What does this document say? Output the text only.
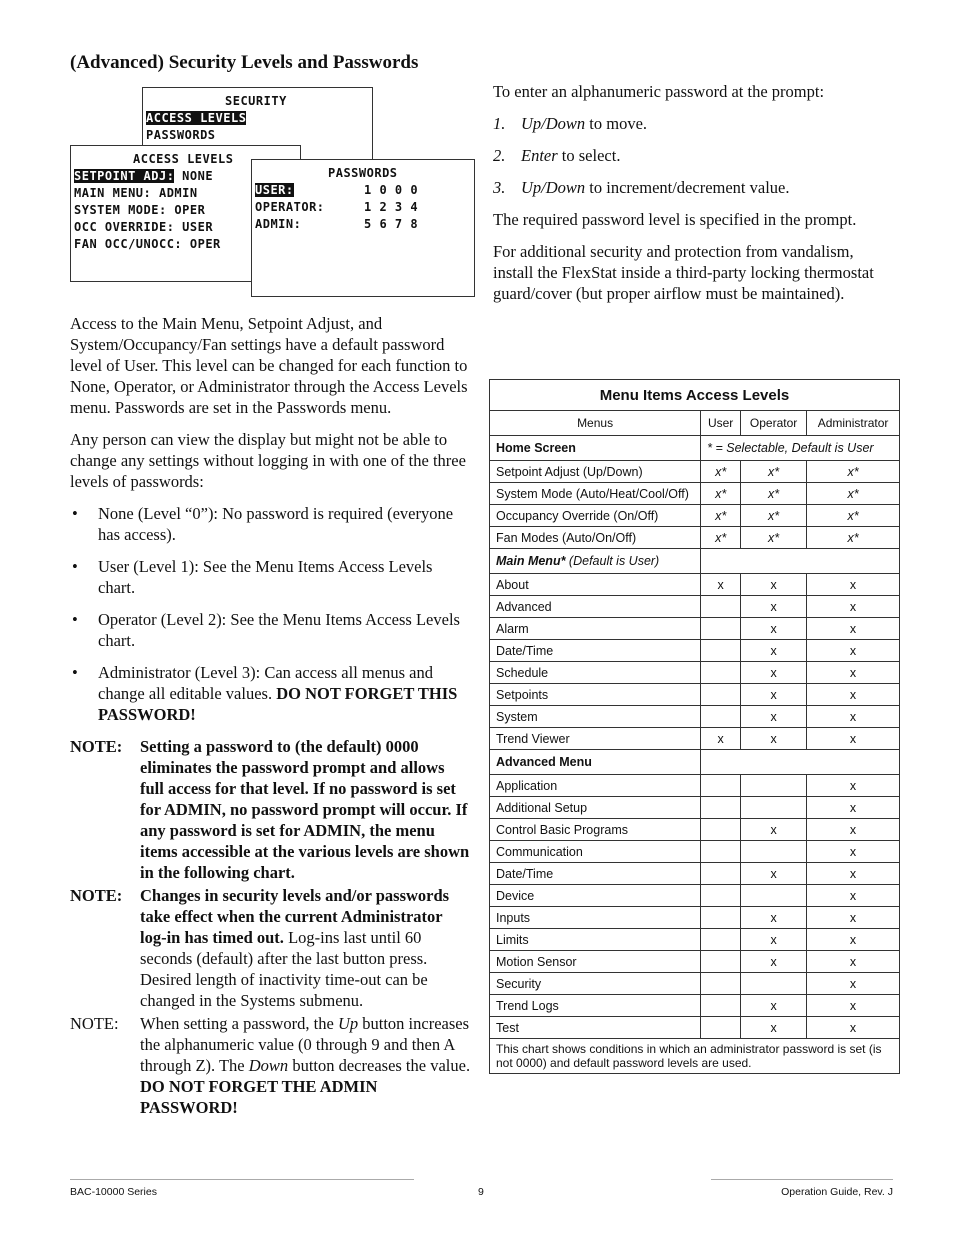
(Advanced) Security Levels and Passwords
SECURITY
ACCESS LEVELS
PASSWORDS
ACCESS LEVELS
SETPOINT ADJ: NONE
MAIN MENU: ADMIN
SYSTEM MODE: OPER
OCC OVERRIDE: USER
FAN OCC/UNOCC: OPER
PASSWORDS
USER:	1 0 0 0
OPERATOR:	1 2 3 4
ADMIN:	5 6 7 8

Access to the Main Menu, Setpoint Adjust, and System/Occupancy/Fan settings have a default password level of User. This level can be changed for each function to None, Operator, or Administrator through the Access Levels menu. Passwords are set in the Passwords menu.

Any person can view the display but might not be able to change any settings without logging in with one of the three levels of passwords:

• None (Level “0”): No password is required (everyone has access).
• User (Level 1): See the Menu Items Access Levels chart.
• Operator (Level 2): See the Menu Items Access Levels chart.
• Administrator (Level 3): Can access all menus and change all editable values. DO NOT FORGET THIS PASSWORD!
NOTE: Setting a password to (the default) 0000 eliminates the password prompt and allows full access for that level. If no password is set for ADMIN, no password prompt will occur. If any password is set for ADMIN, the menu items accessible at the various levels are shown in the following chart.
NOTE: Changes in security levels and/or passwords take effect when the current Administrator log-in has timed out. Log-ins last until 60 seconds (default) after the last button press. Desired length of inactivity time-out can be changed in the Systems submenu.
NOTE: When setting a password, the Up button increases the alphanumeric value (0 through 9 and then A through Z). The Down button decreases the value. DO NOT FORGET THE ADMIN PASSWORD!

To enter an alphanumeric password at the prompt:

1. Up/Down to move.
2. Enter to select.
3. Up/Down to increment/decrement value.

The required password level is specified in the prompt.

For additional security and protection from vandalism, install the FlexStat inside a third-party locking thermostat guard/cover (but proper airflow must be maintained).

Menu Items Access Levels			
Menus	User	Operator	Administrator
Home Screen	* = Selectable, Default is User		
Setpoint Adjust (Up/Down)	x*	x*	x*
System Mode (Auto/Heat/Cool/Off)	x*	x*	x*
Occupancy Override (On/Off)	x*	x*	x*
Fan Modes (Auto/On/Off)	x*	x*	x*
Main Menu* (Default is User)			
About	x	x	x
Advanced		x	x
Alarm		x	x
Date/Time		x	x
Schedule		x	x
Setpoints		x	x
System		x	x
Trend Viewer	x	x	x
Advanced Menu			
Application			x
Additional Setup			x
Control Basic Programs		x	x
Communication			x
Date/Time		x	x
Device			x
Inputs		x	x
Limits		x	x
Motion Sensor		x	x
Security			x
Trend Logs		x	x
Test		x	x
This chart shows conditions in which an administrator password is set (is not 0000) and default password levels are used.			
BAC-10000 Series	9	Operation Guide, Rev. J
